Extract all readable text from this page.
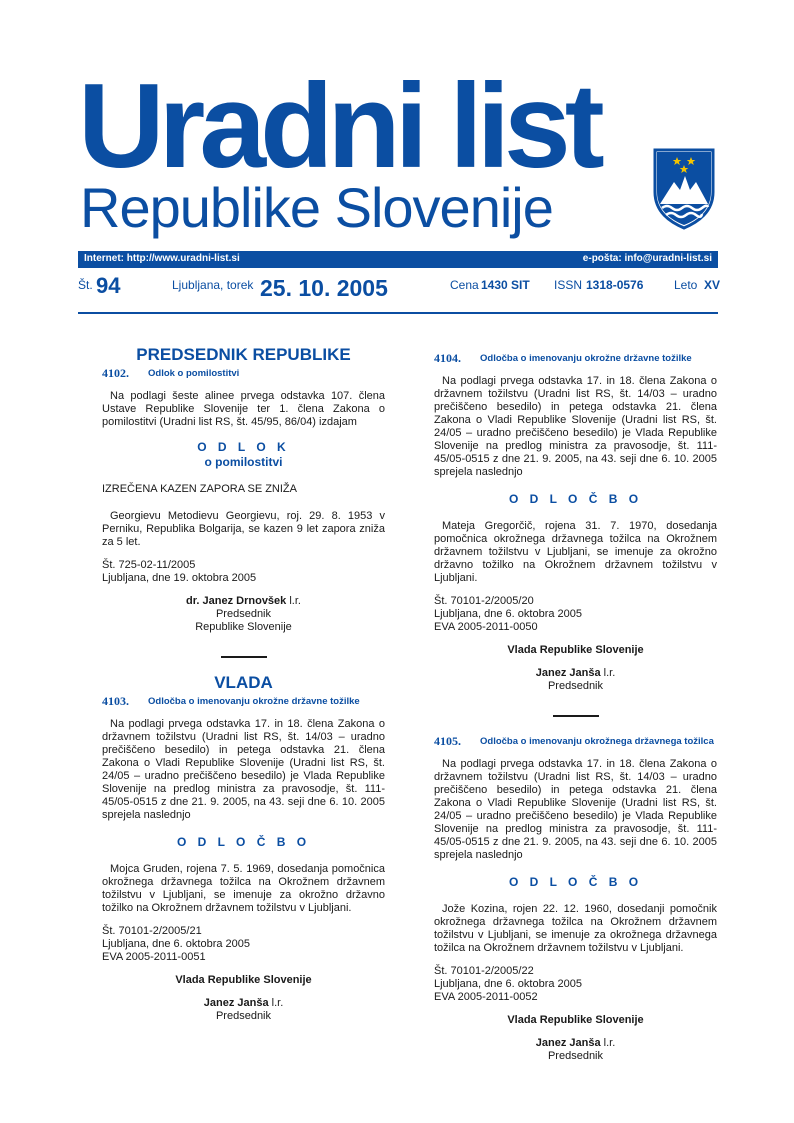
Uradni list
Republike Slovenije
Internet: http://www.uradni-list.si	e-pošta: info@uradni-list.si
Št. 94	Ljubljana, torek 25. 10. 2005	Cena 1430 SIT ISSN 1318-0576	Leto XV
PREDSEDNIK REPUBLIKE
4102.	Odlok o pomilostitvi

Na podlagi šeste alinee prvega odstavka 107. člena Ustave Republike Slovenije ter 1. člena Zakona o pomilostitvi (Uradni list RS, št. 45/95, 86/04) izdajam

O D L O K
o pomilostitvi

IZREČENA KAZEN ZAPORA SE ZNIŽA

Georgievu Metodievu Georgievu, roj. 29. 8. 1953 v Perniku, Republika Bolgarija, se kazen 9 let zapora zniža za 5 let.

Št. 725-02-11/2005
Ljubljana, dne 19. oktobra 2005
dr. Janez Drnovšek l.r.
Predsednik
Republike Slovenije
VLADA
4103.	Odločba o imenovanju okrožne državne tožilke

Na podlagi prvega odstavka 17. in 18. člena Zakona o državnem tožilstvu (Uradni list RS, št. 14/03 – uradno prečiščeno besedilo) in petega odstavka 21. člena Zakona o Vladi Republike Slovenije (Uradni list RS, št. 24/05 – uradno prečiščeno besedilo) je Vlada Republike Slovenije na predlog ministra za pravosodje, št. 111-45/05-0515 z dne 21. 9. 2005, na 43. seji dne 6. 10. 2005 sprejela naslednjo

O D L O Č B O

Mojca Gruden, rojena 7. 5. 1969, dosedanja pomočnica okrožnega državnega tožilca na Okrožnem državnem tožilstvu v Ljubljani, se imenuje za okrožno državno tožilko na Okrožnem državnem tožilstvu v Ljubljani.

Št. 70101-2/2005/21
Ljubljana, dne 6. oktobra 2005
EVA 2005-2011-0051
Vlada Republike Slovenije
Janez Janša l.r.
Predsednik
4104.	Odločba o imenovanju okrožne državne tožilke

Na podlagi prvega odstavka 17. in 18. člena Zakona o državnem tožilstvu (Uradni list RS, št. 14/03 – uradno prečiščeno besedilo) in petega odstavka 21. člena Zakona o Vladi Republike Slovenije (Uradni list RS, št. 24/05 – uradno prečiščeno besedilo) je Vlada Republike Slovenije na predlog ministra za pravosodje, št. 111-45/05-0515 z dne 21. 9. 2005, na 43. seji dne 6. 10. 2005 sprejela naslednjo

O D L O Č B O

Mateja Gregorčič, rojena 31. 7. 1970, dosedanja pomočnica okrožnega državnega tožilca na Okrožnem državnem tožilstvu v Ljubljani, se imenuje za okrožno državno tožilko na Okrožnem državnem tožilstvu v Ljubljani.

Št. 70101-2/2005/20
Ljubljana, dne 6. oktobra 2005
EVA 2005-2011-0050
Vlada Republike Slovenije
Janez Janša l.r.
Predsednik
4105.	Odločba o imenovanju okrožnega državnega tožilca

Na podlagi prvega odstavka 17. in 18. člena Zakona o državnem tožilstvu (Uradni list RS, št. 14/03 – uradno prečiščeno besedilo) in petega odstavka 21. člena Zakona o Vladi Republike Slovenije (Uradni list RS, št. 24/05 – uradno prečiščeno besedilo) je Vlada Republike Slovenije na predlog ministra za pravosodje, št. 111-45/05-0515 z dne 21. 9. 2005, na 43. seji dne 6. 10. 2005 sprejela naslednjo

O D L O Č B O

Jože Kozina, rojen 22. 12. 1960, dosedanji pomočnik okrožnega državnega tožilca na Okrožnem državnem tožilstvu v Ljubljani, se imenuje za okrožnega državnega tožilca na Okrožnem državnem tožilstvu v Ljubljani.

Št. 70101-2/2005/22
Ljubljana, dne 6. oktobra 2005
EVA 2005-2011-0052
Vlada Republike Slovenije
Janez Janša l.r.
Predsednik
